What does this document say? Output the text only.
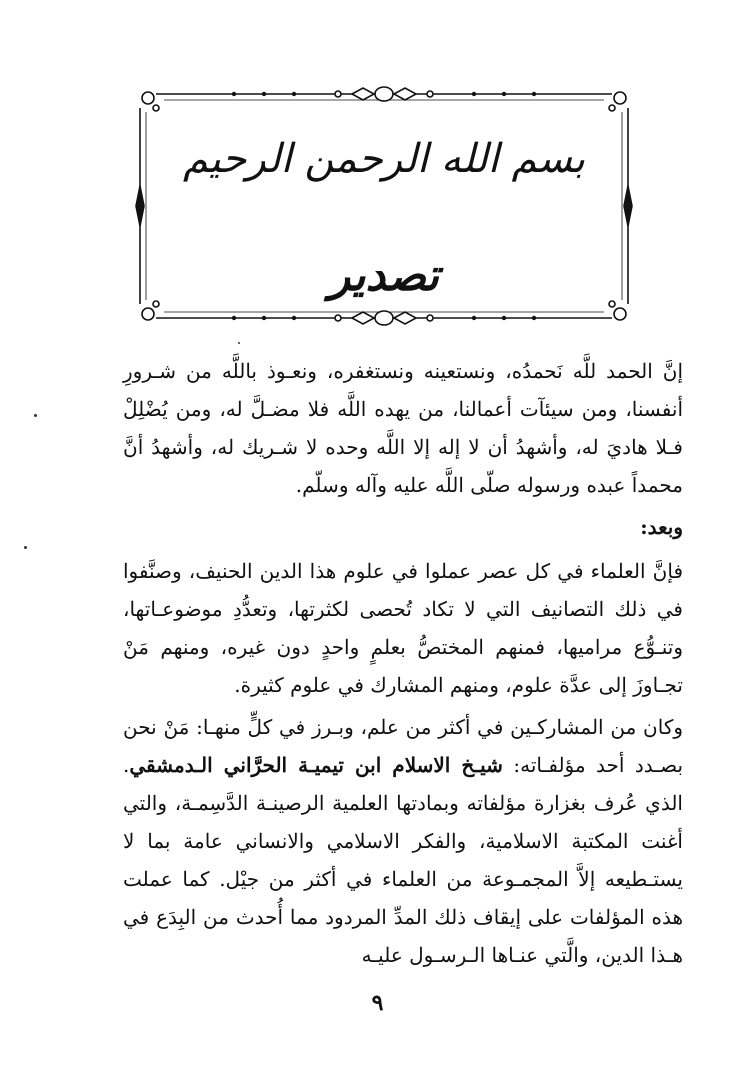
بسم الله الرحمن الرحيم
تصدير

إنَّ الحمد للَّه نَحمدُه، ونستعينه ونستغفره، ونعـوذ باللَّه من شـرورِ أنفسنا، ومن سيئآت أعمالنا، من يهده اللَّه فلا مضـلَّ له، ومن يُضْلِلْ فـلا هاديَ له، وأشهدُ أن لا إله إلا اللَّه وحده لا شـريك له، وأشهدُ أنَّ محمداً عبده ورسوله صلّى اللَّه عليه وآله وسلّم.

وبعد:

فإنَّ العلماء في كل عصر عملوا في علوم هذا الدين الحنيف، وصنَّفوا في ذلك التصانيف التي لا تكاد تُحصى لكثرتها، وتعدُّدِ موضوعـاتها، وتنـوُّع مراميها، فمنهم المختصُّ بعلمٍ واحدٍ دون غيره، ومنهم مَنْ تجـاوزَ إلى عدَّة علوم، ومنهم المشارك في علوم كثيرة.

وكان من المشاركـين في أكثر من علم، وبـرز في كلٍّ منهـا: مَنْ نحن بصـدد أحد مؤلفـاته: شيـخ الاسلام ابن تيميـة الحرَّاني الـدمشقي. الذي عُرف بغزارة مؤلفاته وبمادتها العلمية الرصينـة الدَّسِمـة، والتي أغنت المكتبة الاسلامية، والفكر الاسلامي والانساني عامة بما لا يستـطيعه إلاَّ المجمـوعة من العلماء في أكثر من جيْل. كما عملت هذه المؤلفات على إيقاف ذلك المدِّ المردود مما أُحدث من البِدَع في هـذا الدين، والَّتي عنـاها الـرسـول عليـه

٩
